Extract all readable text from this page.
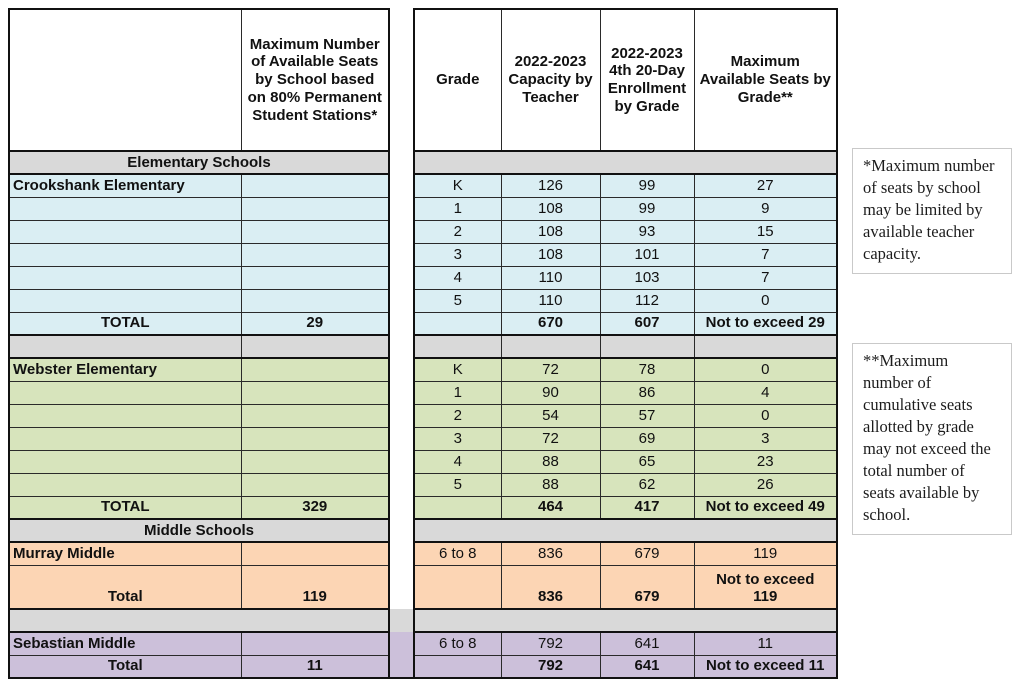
	Maximum Number of Available Seats by School based on 80% Permanent Student Stations*		Grade	2022-2023 Capacity by Teacher	2022-2023 4th 20-Day Enrollment by Grade	Maximum Available Seats by Grade**
Elementary Schools						
Crookshank Elementary			K	126	99	27
			1	108	99	9
			2	108	93	15
			3	108	101	7
			4	110	103	7
			5	110	112	0
TOTAL	29			670	607	Not to exceed 29

Webster Elementary			K	72	78	0
			1	90	86	4
			2	54	57	0
			3	72	69	3
			4	88	65	23
			5	88	62	26
TOTAL	329			464	417	Not to exceed 49
Middle Schools						
Murray Middle			6 to 8	836	679	119
Total	119			836	679	Not to exceed 119

Sebastian Middle			6 to 8	792	641	11
Total	11			792	641	Not to exceed 11
*Maximum number of seats by school may be limited by available teacher capacity.
**Maximum number of cumulative seats allotted by grade may not exceed the total number of seats available by school.
